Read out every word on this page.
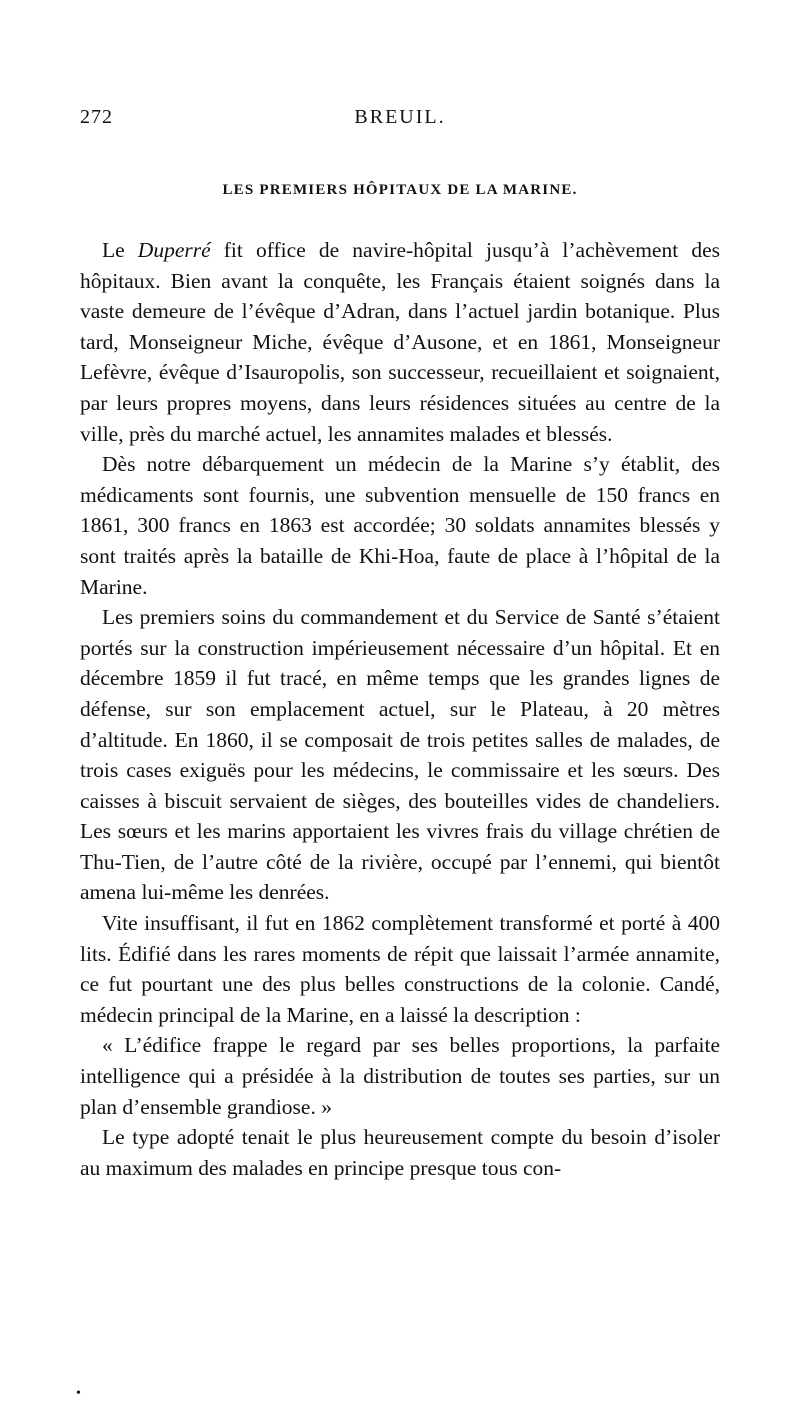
272	BREUIL.
LES PREMIERS HÔPITAUX DE LA MARINE.

Le Duperré fit office de navire-hôpital jusqu’à l’achèvement des hôpitaux. Bien avant la conquête, les Français étaient soignés dans la vaste demeure de l’évêque d’Adran, dans l’actuel jardin botanique. Plus tard, Monseigneur Miche, évêque d’Ausone, et en 1861, Monseigneur Lefèvre, évêque d’Isauropolis, son successeur, recueillaient et soignaient, par leurs propres moyens, dans leurs résidences situées au centre de la ville, près du marché actuel, les annamites malades et blessés.

Dès notre débarquement un médecin de la Marine s’y établit, des médicaments sont fournis, une subvention mensuelle de 150 francs en 1861, 300 francs en 1863 est accordée; 30 soldats annamites blessés y sont traités après la bataille de Khi-Hoa, faute de place à l’hôpital de la Marine.

Les premiers soins du commandement et du Service de Santé s’étaient portés sur la construction impérieusement nécessaire d’un hôpital. Et en décembre 1859 il fut tracé, en même temps que les grandes lignes de défense, sur son emplacement actuel, sur le Plateau, à 20 mètres d’altitude. En 1860, il se composait de trois petites salles de malades, de trois cases exiguës pour les médecins, le commissaire et les sœurs. Des caisses à biscuit servaient de sièges, des bouteilles vides de chandeliers. Les sœurs et les marins apportaient les vivres frais du village chrétien de Thu-Tien, de l’autre côté de la rivière, occupé par l’ennemi, qui bientôt amena lui-même les denrées.

Vite insuffisant, il fut en 1862 complètement transformé et porté à 400 lits. Édifié dans les rares moments de répit que laissait l’armée annamite, ce fut pourtant une des plus belles constructions de la colonie. Candé, médecin principal de la Marine, en a laissé la description :

« L’édifice frappe le regard par ses belles proportions, la parfaite intelligence qui a présidée à la distribution de toutes ses parties, sur un plan d’ensemble grandiose. »

Le type adopté tenait le plus heureusement compte du besoin d’isoler au maximum des malades en principe presque tous con-

•
